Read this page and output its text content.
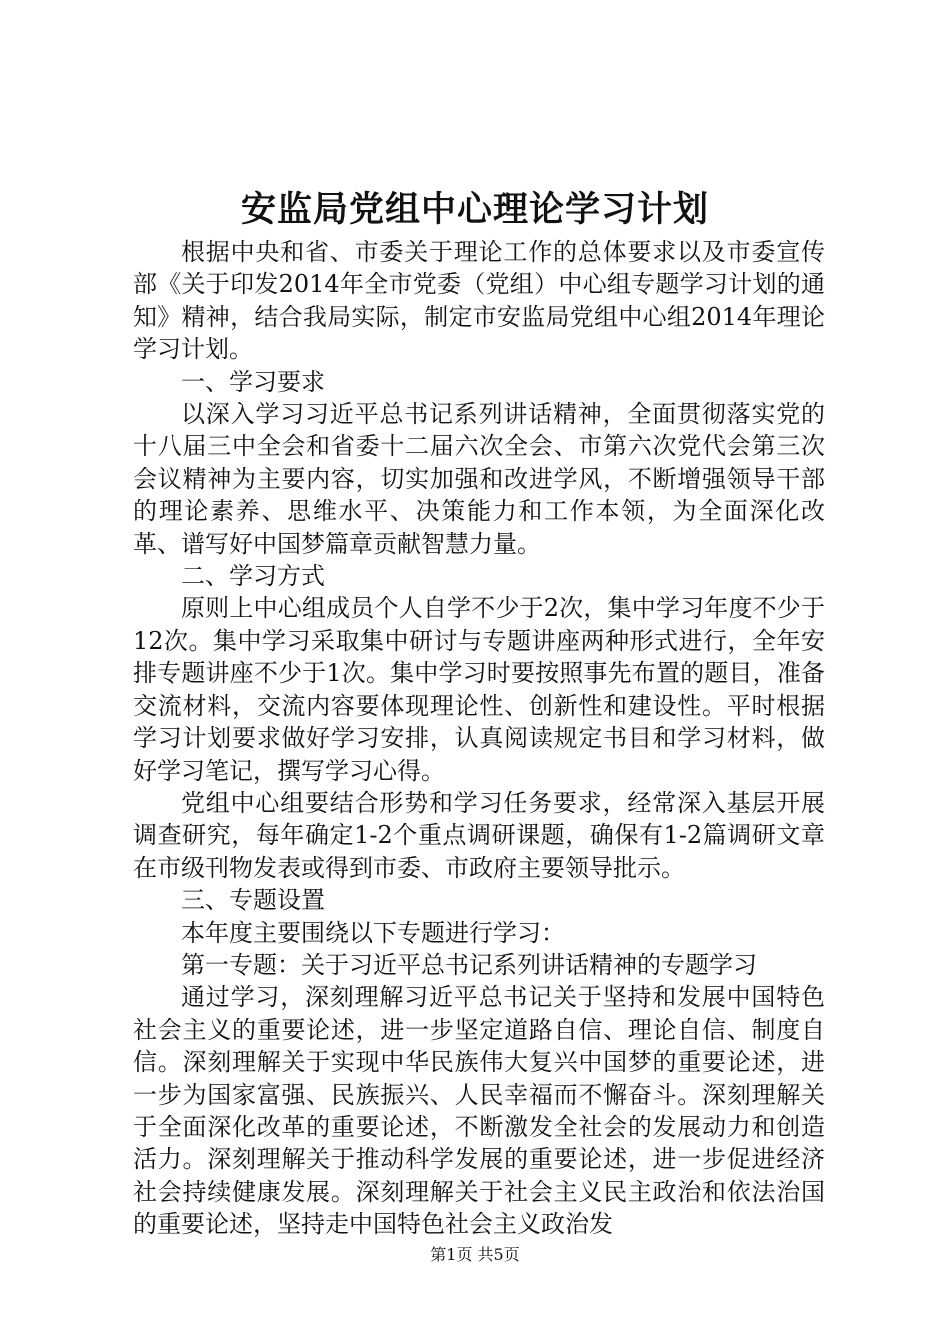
安监局党组中心理论学习计划

根据中央和省、市委关于理论工作的总体要求以及市委宣传部《关于印发2014年全市党委（党组）中心组专题学习计划的通知》精神，结合我局实际，制定市安监局党组中心组2014年理论学习计划。

一、学习要求

以深入学习习近平总书记系列讲话精神，全面贯彻落实党的十八届三中全会和省委十二届六次全会、市第六次党代会第三次会议精神为主要内容，切实加强和改进学风，不断增强领导干部的理论素养、思维水平、决策能力和工作本领，为全面深化改革、谱写好中国梦篇章贡献智慧力量。

二、学习方式

原则上中心组成员个人自学不少于2次，集中学习年度不少于12次。集中学习采取集中研讨与专题讲座两种形式进行，全年安排专题讲座不少于1次。集中学习时要按照事先布置的题目，准备交流材料，交流内容要体现理论性、创新性和建设性。平时根据学习计划要求做好学习安排，认真阅读规定书目和学习材料，做好学习笔记，撰写学习心得。

党组中心组要结合形势和学习任务要求，经常深入基层开展调查研究，每年确定1-2个重点调研课题，确保有1-2篇调研文章在市级刊物发表或得到市委、市政府主要领导批示。

三、专题设置

本年度主要围绕以下专题进行学习：

第一专题：关于习近平总书记系列讲话精神的专题学习

通过学习，深刻理解习近平总书记关于坚持和发展中国特色社会主义的重要论述，进一步坚定道路自信、理论自信、制度自信。深刻理解关于实现中华民族伟大复兴中国梦的重要论述，进一步为国家富强、民族振兴、人民幸福而不懈奋斗。深刻理解关于全面深化改革的重要论述，不断激发全社会的发展动力和创造活力。深刻理解关于推动科学发展的重要论述，进一步促进经济社会持续健康发展。深刻理解关于社会主义民主政治和依法治国的重要论述，坚持走中国特色社会主义政治发

第1页 共5页
